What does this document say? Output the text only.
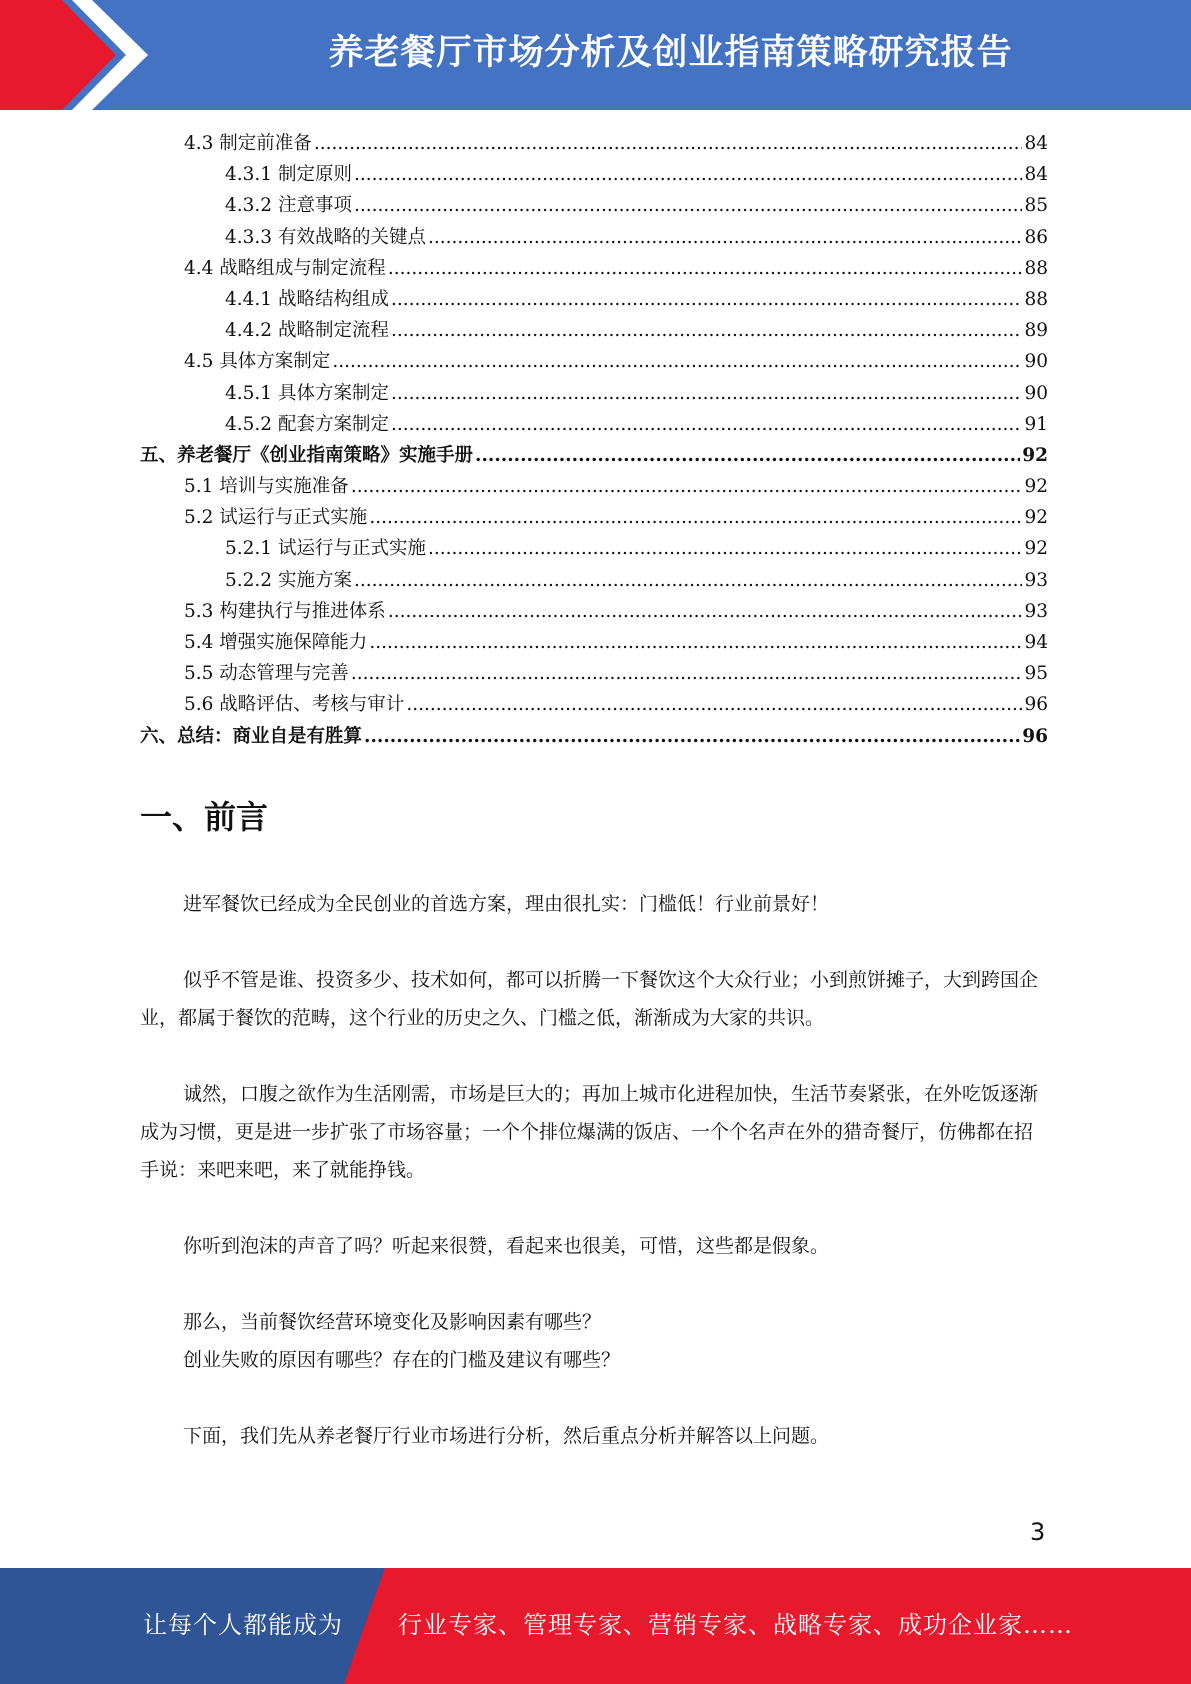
养老餐厅市场分析及创业指南策略研究报告
4.3 制定前准备 .....	84
4.3.1 制定原则 .....	84
4.3.2 注意事项 .....	85
4.3.3 有效战略的关键点 .....	86
4.4 战略组成与制定流程 .....	88
4.4.1 战略结构组成 .....	88
4.4.2 战略制定流程 .....	89
4.5 具体方案制定 .....	90
4.5.1 具体方案制定 .....	90
4.5.2 配套方案制定 .....	91
五、养老餐厅《创业指南策略》实施手册 .....	92
5.1 培训与实施准备 .....	92
5.2 试运行与正式实施 .....	92
5.2.1 试运行与正式实施 .....	92
5.2.2 实施方案 .....	93
5.3 构建执行与推进体系 .....	93
5.4 增强实施保障能力 .....	94
5.5 动态管理与完善 .....	95
5.6 战略评估、考核与审计 .....	96
六、总结：商业自是有胜算 .....	96
一、前言

进军餐饮已经成为全民创业的首选方案，理由很扎实：门槛低！行业前景好！

似乎不管是谁、投资多少、技术如何，都可以折腾一下餐饮这个大众行业；小到煎饼摊子，大到跨国企业，都属于餐饮的范畴，这个行业的历史之久、门槛之低，渐渐成为大家的共识。

诚然，口腹之欲作为生活刚需，市场是巨大的；再加上城市化进程加快，生活节奏紧张，在外吃饭逐渐成为习惯，更是进一步扩张了市场容量；一个个排位爆满的饭店、一个个名声在外的猎奇餐厅，仿佛都在招手说：来吧来吧，来了就能挣钱。

你听到泡沫的声音了吗？听起来很赞，看起来也很美，可惜，这些都是假象。

那么，当前餐饮经营环境变化及影响因素有哪些？

创业失败的原因有哪些？存在的门槛及建议有哪些？

下面，我们先从养老餐厅行业市场进行分析，然后重点分析并解答以上问题。

3
让每个人都能成为 行业专家、管理专家、营销专家、战略专家、成功企业家……
